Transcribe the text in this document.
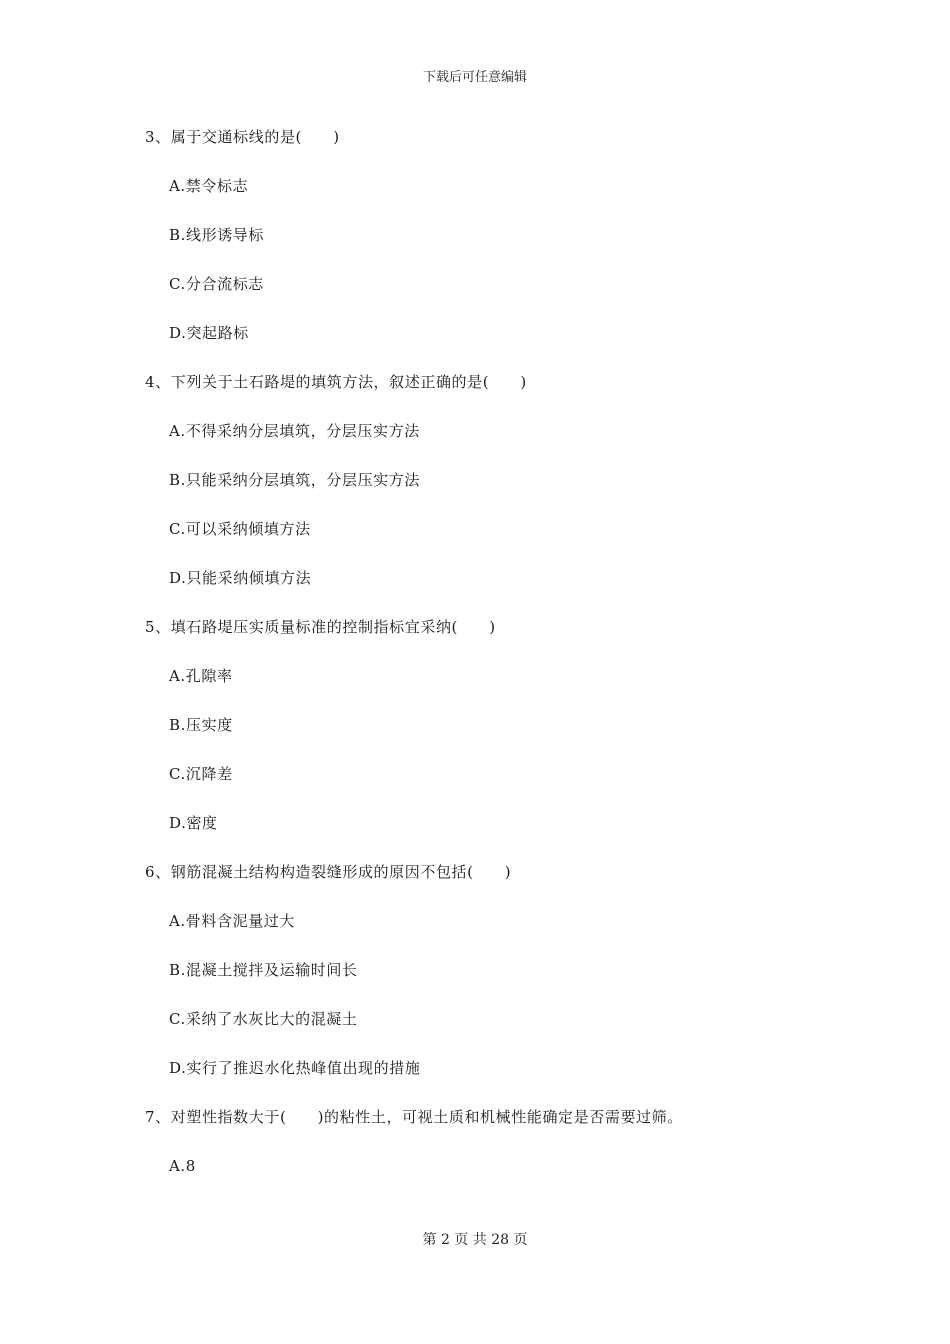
下载后可任意编辑

3、属于交通标线的是(　　)

A.禁令标志

B.线形诱导标

C.分合流标志

D.突起路标

4、下列关于土石路堤的填筑方法，叙述正确的是(　　)

A.不得采纳分层填筑，分层压实方法

B.只能采纳分层填筑，分层压实方法

C.可以采纳倾填方法

D.只能采纳倾填方法

5、填石路堤压实质量标准的控制指标宜采纳(　　)

A.孔隙率

B.压实度

C.沉降差

D.密度

6、钢筋混凝土结构构造裂缝形成的原因不包括(　　)

A.骨料含泥量过大

B.混凝土搅拌及运输时间长

C.采纳了水灰比大的混凝土

D.实行了推迟水化热峰值出现的措施

7、对塑性指数大于(　　)的粘性土，可视土质和机械性能确定是否需要过筛。

A.8

第 2 页 共 28 页
